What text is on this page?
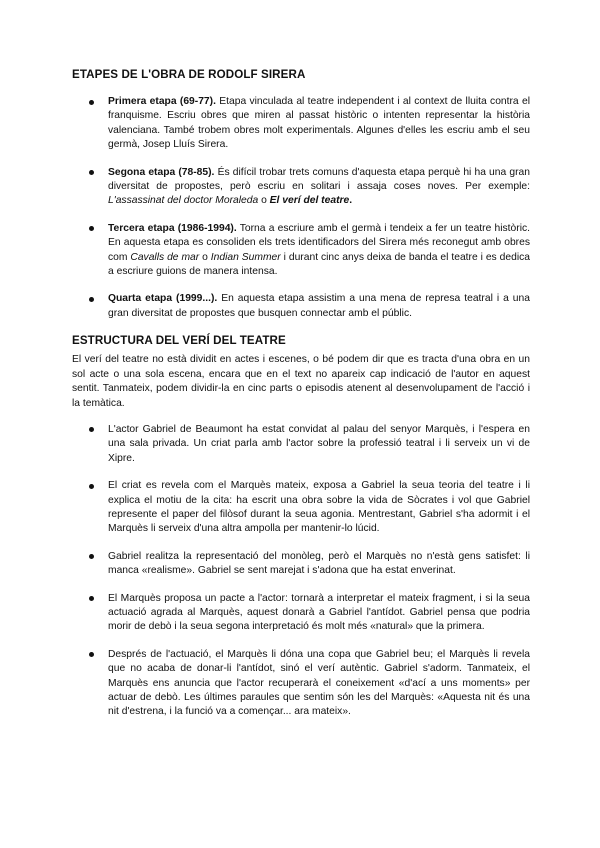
ETAPES DE L'OBRA DE RODOLF SIRERA
Primera etapa (69-77). Etapa vinculada al teatre independent i al context de lluita contra el franquisme. Escriu obres que miren al passat històric o intenten representar la història valenciana. També trobem obres molt experimentals. Algunes d'elles les escriu amb el seu germà, Josep Lluís Sirera.
Segona etapa (78-85). És difícil trobar trets comuns d'aquesta etapa perquè hi ha una gran diversitat de propostes, però escriu en solitari i assaja coses noves. Per exemple: L'assassinat del doctor Moraleda o El verí del teatre.
Tercera etapa (1986-1994). Torna a escriure amb el germà i tendeix a fer un teatre històric. En aquesta etapa es consoliden els trets identificadors del Sirera més reconegut amb obres com Cavalls de mar o Indian Summer i durant cinc anys deixa de banda el teatre i es dedica a escriure guions de manera intensa.
Quarta etapa (1999...). En aquesta etapa assistim a una mena de represa teatral i a una gran diversitat de propostes que busquen connectar amb el públic.
ESTRUCTURA DEL VERÍ DEL TEATRE

El verí del teatre no està dividit en actes i escenes, o bé podem dir que es tracta d'una obra en un sol acte o una sola escena, encara que en el text no apareix cap indicació de l'autor en aquest sentit. Tanmateix, podem dividir-la en cinc parts o episodis atenent al desenvolupament de l'acció i la temàtica.

L'actor Gabriel de Beaumont ha estat convidat al palau del senyor Marquès, i l'espera en una sala privada. Un criat parla amb l'actor sobre la professió teatral i li serveix un vi de Xipre.
El criat es revela com el Marquès mateix, exposa a Gabriel la seua teoria del teatre i li explica el motiu de la cita: ha escrit una obra sobre la vida de Sòcrates i vol que Gabriel represente el paper del filòsof durant la seua agonia. Mentrestant, Gabriel s'ha adormit i el Marquès li serveix d'una altra ampolla per mantenir-lo lúcid.
Gabriel realitza la representació del monòleg, però el Marquès no n'està gens satisfet: li manca «realisme». Gabriel se sent marejat i s'adona que ha estat enverinat.
El Marquès proposa un pacte a l'actor: tornarà a interpretar el mateix fragment, i si la seua actuació agrada al Marquès, aquest donarà a Gabriel l'antídot. Gabriel pensa que podria morir de debò i la seua segona interpretació és molt més «natural» que la primera.
Després de l'actuació, el Marquès li dóna una copa que Gabriel beu; el Marquès li revela que no acaba de donar-li l'antídot, sinó el verí autèntic. Gabriel s'adorm. Tanmateix, el Marquès ens anuncia que l'actor recuperarà el coneixement «d'ací a uns moments» per actuar de debò. Les últimes paraules que sentim són les del Marquès: «Aquesta nit és una nit d'estrena, i la funció va a començar... ara mateix».
